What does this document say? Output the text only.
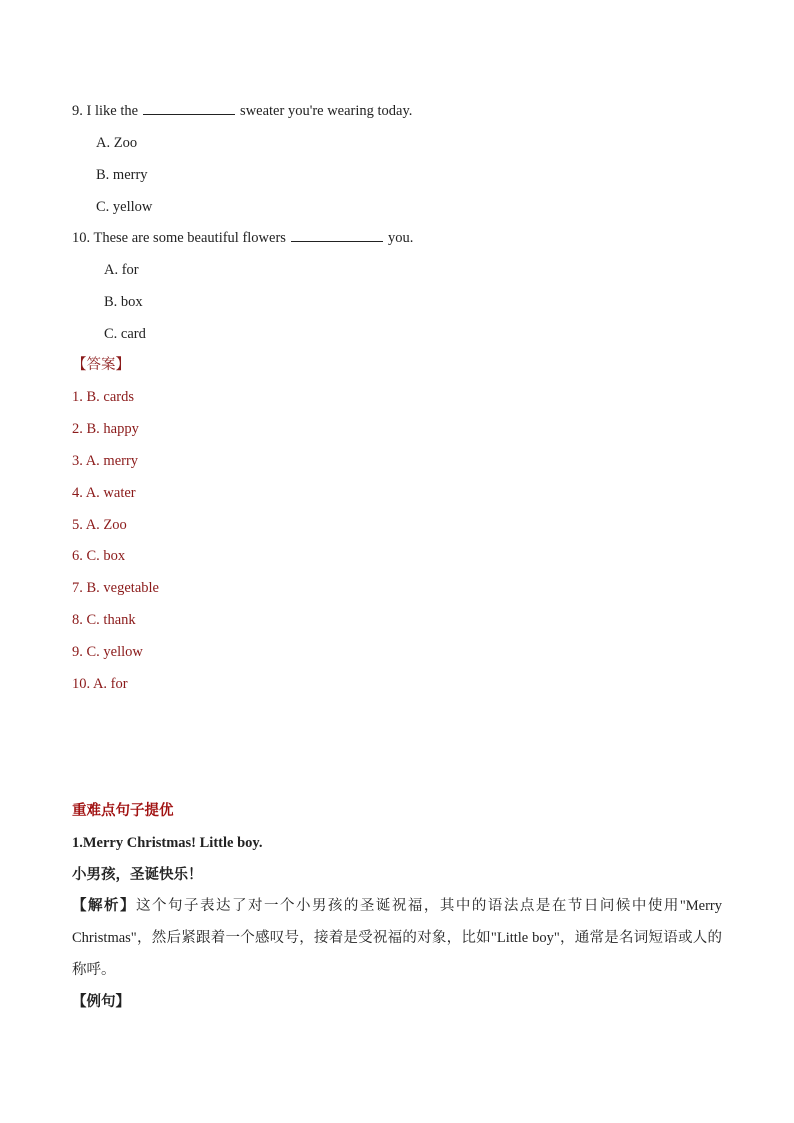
9. I like the	sweater you're wearing today.
A. Zoo
B. merry
C. yellow
10. These are some beautiful flowers	you.
A. for
B. box
C. card
【答案】
1. B. cards
2. B. happy
3. A. merry
4. A. water
5. A. Zoo
6. C. box
7. B. vegetable
8. C. thank
9. C. yellow
10. A. for
重难点句子提优
1.Merry Christmas! Little boy.
小男孩，圣诞快乐！
【解析】这个句子表达了对一个小男孩的圣诞祝福，其中的语法点是在节日问候中使用"Merry Christmas"，然后紧跟着一个感叹号，接着是受祝福的对象，比如"Little boy"，通常是名词短语或人的称呼。
【例句】
